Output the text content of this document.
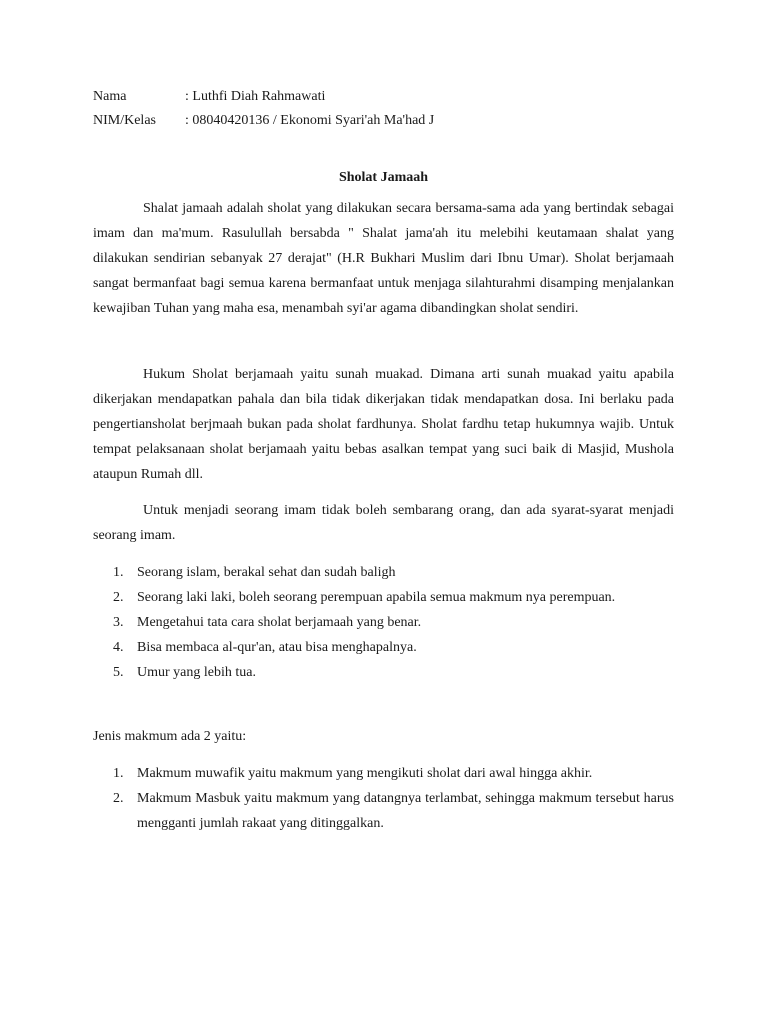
Nama	: Luthfi Diah Rahmawati
NIM/Kelas : 08040420136 / Ekonomi Syari'ah Ma'had J
Sholat Jamaah

Shalat jamaah adalah sholat yang dilakukan secara bersama-sama ada yang bertindak sebagai imam dan ma'mum. Rasulullah bersabda " Shalat jama'ah itu melebihi keutamaan shalat yang dilakukan sendirian sebanyak 27 derajat" (H.R Bukhari Muslim dari Ibnu Umar). Sholat berjamaah sangat bermanfaat bagi semua karena bermanfaat untuk menjaga silahturahmi disamping menjalankan kewajiban Tuhan yang maha esa, menambah syi'ar agama dibandingkan sholat sendiri.

Hukum Sholat berjamaah yaitu sunah muakad. Dimana arti sunah muakad yaitu apabila dikerjakan mendapatkan pahala dan bila tidak dikerjakan tidak mendapatkan dosa. Ini berlaku pada pengertiansholat berjmaah bukan pada sholat fardhunya. Sholat fardhu tetap hukumnya wajib. Untuk tempat pelaksanaan sholat berjamaah yaitu bebas asalkan tempat yang suci baik di Masjid, Mushola ataupun Rumah dll.

Untuk menjadi seorang imam tidak boleh sembarang orang, dan ada syarat-syarat menjadi seorang imam.

1. Seorang islam, berakal sehat dan sudah baligh
2. Seorang laki laki, boleh seorang perempuan apabila semua makmum nya perempuan.
3. Mengetahui tata cara sholat berjamaah yang benar.
4. Bisa membaca al-qur'an, atau bisa menghapalnya.
5. Umur yang lebih tua.

Jenis makmum ada 2 yaitu:

1. Makmum muwafik yaitu makmum yang mengikuti sholat dari awal hingga akhir.
2. Makmum Masbuk yaitu makmum yang datangnya terlambat, sehingga makmum tersebut harus mengganti jumlah rakaat yang ditinggalkan.
